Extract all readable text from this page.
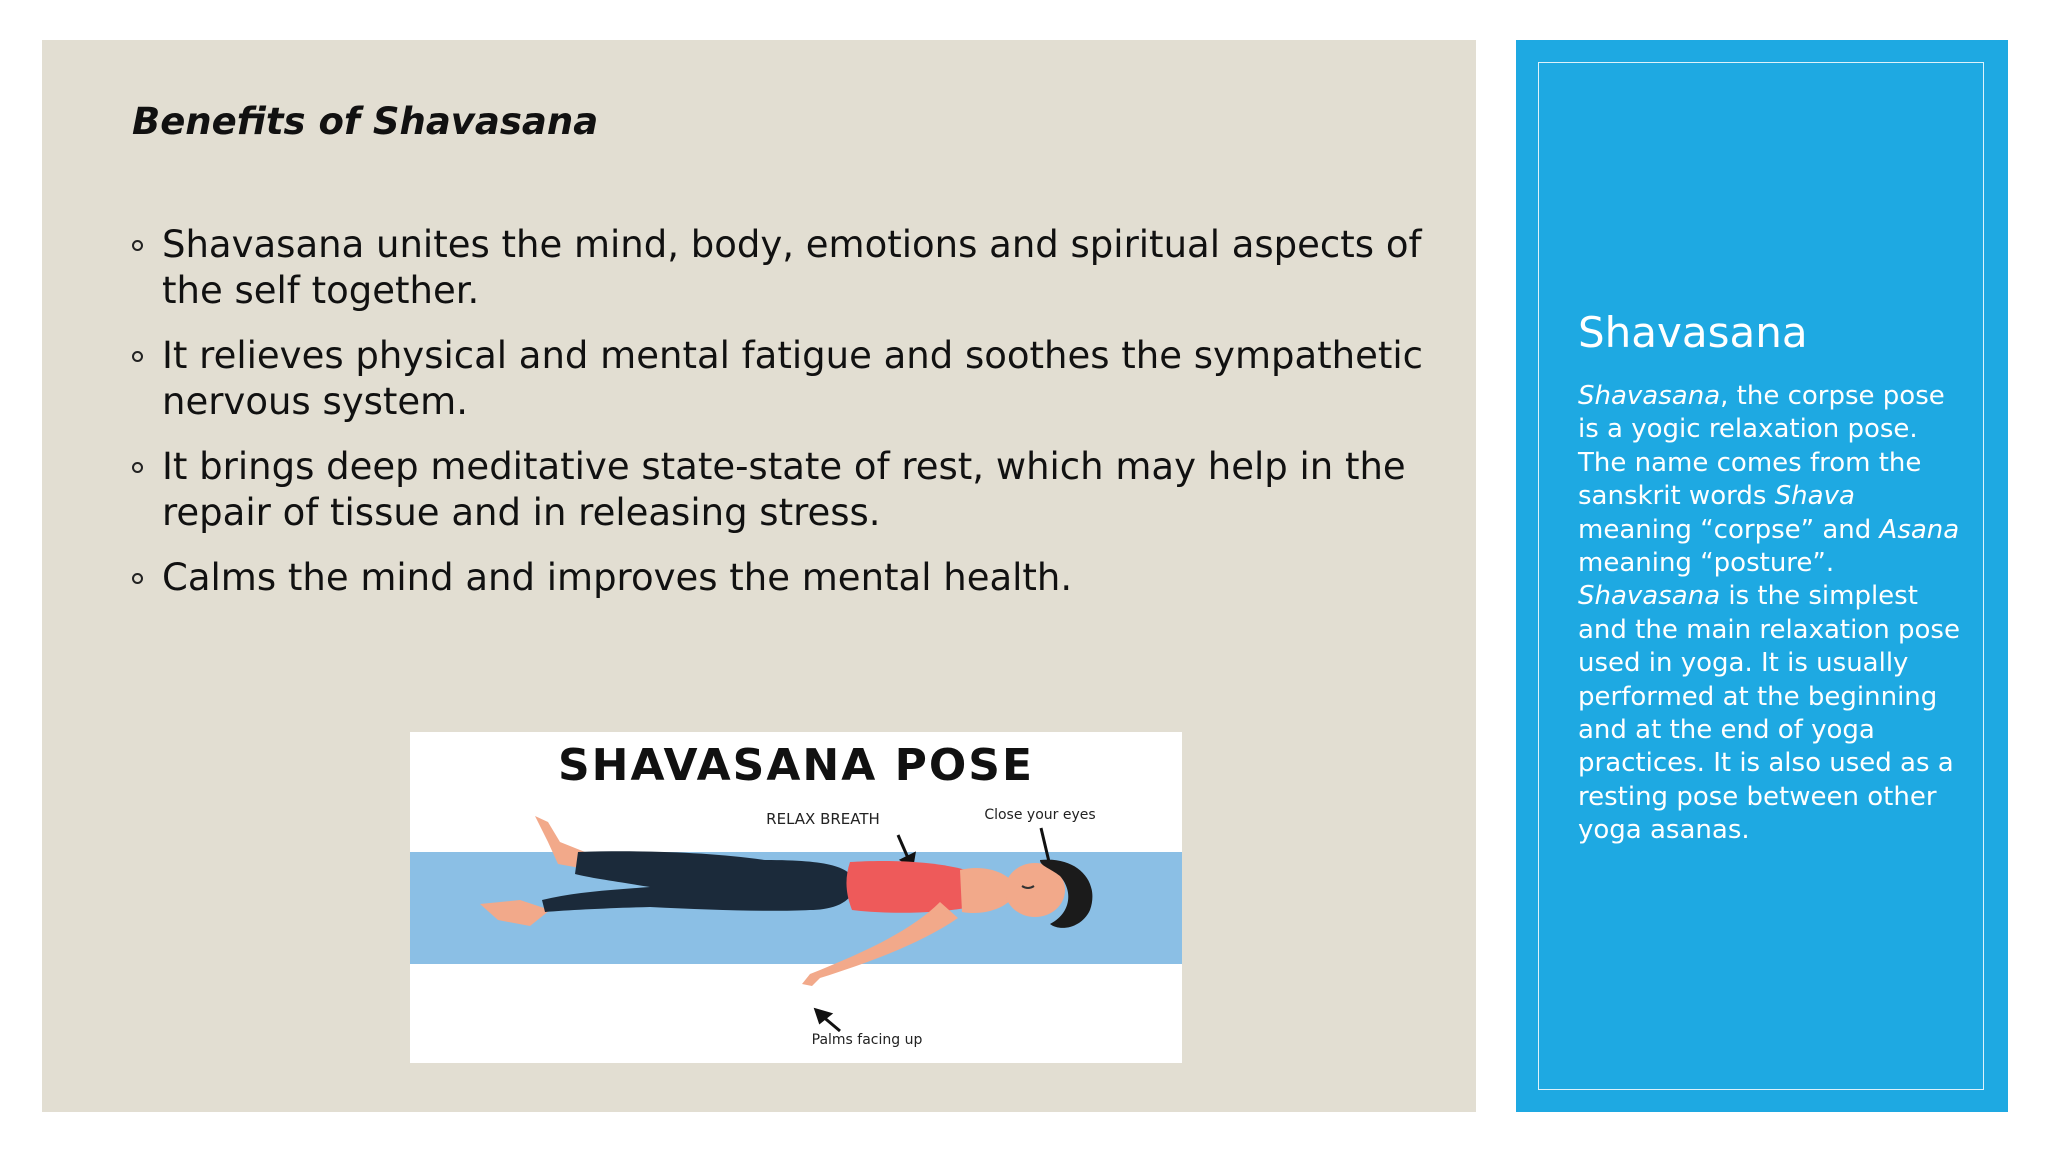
Benefits of Shavasana
Shavasana unites the mind, body, emotions and spiritual aspects of the self together.
It relieves physical and mental fatigue and soothes the sympathetic nervous system.
It brings deep meditative state-state of rest, which may help in the repair of tissue and in releasing stress.
Calms the mind and improves the mental health.
SHAVASANA POSE
RELAX BREATH	Close your eyes
Palms facing up
Shavasana

Shavasana, the corpse pose is a yogic relaxation pose. The name comes from the sanskrit words Shava meaning “corpse” and Asana meaning “posture”. Shavasana is the simplest and the main relaxation pose used in yoga. It is usually performed at the beginning and at the end of yoga practices. It is also used as a resting pose between other yoga asanas.
